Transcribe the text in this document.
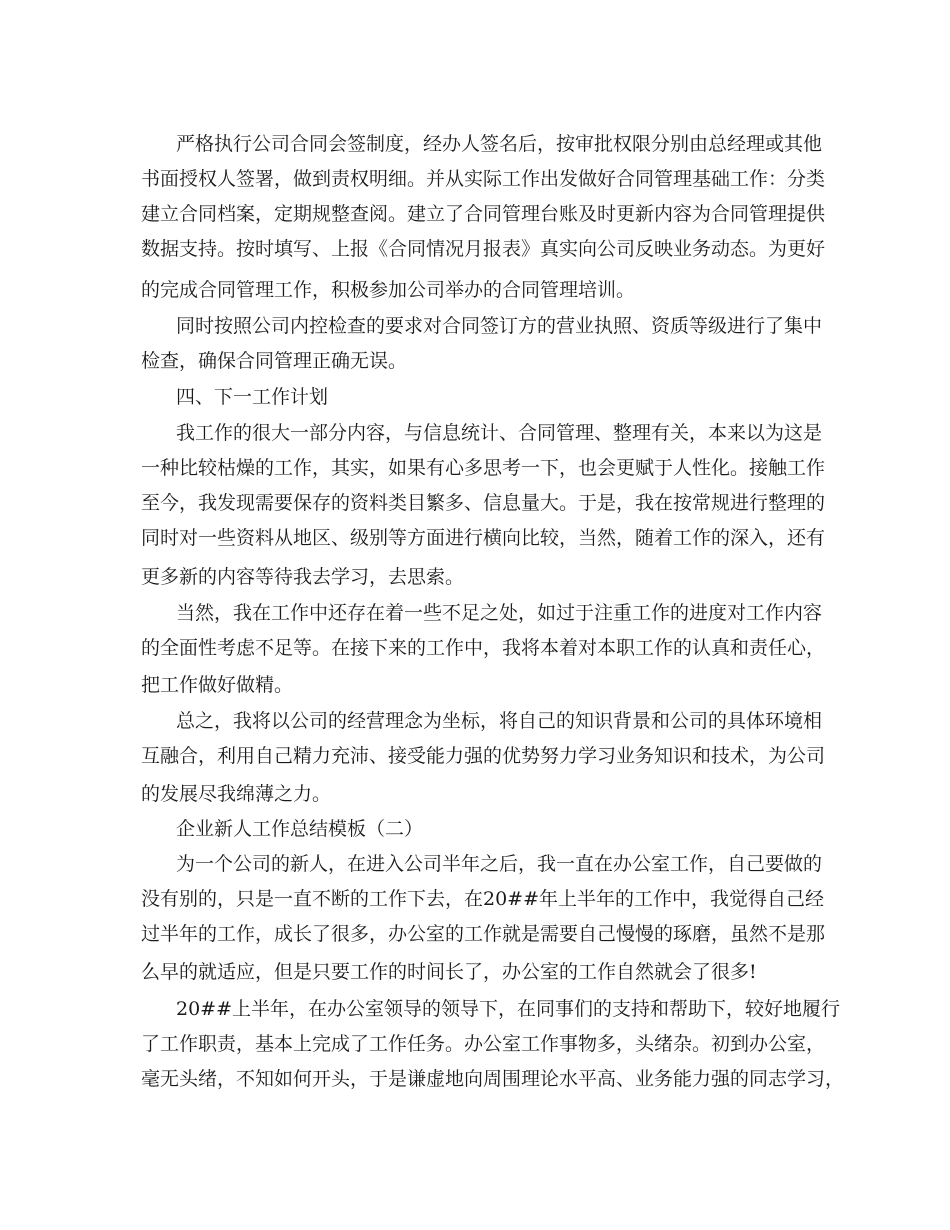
严格执行公司合同会签制度，经办人签名后，按审批权限分别由总经理或其他
书面授权人签署，做到责权明细。并从实际工作出发做好合同管理基础工作：分类
建立合同档案，定期规整查阅。建立了合同管理台账及时更新内容为合同管理提供
数据支持。按时填写、上报《合同情况月报表》真实向公司反映业务动态。为更好
的完成合同管理工作，积极参加公司举办的合同管理培训。
同时按照公司内控检查的要求对合同签订方的营业执照、资质等级进行了集中
检查，确保合同管理正确无误。
四、下一工作计划
我工作的很大一部分内容，与信息统计、合同管理、整理有关，本来以为这是
一种比较枯燥的工作，其实，如果有心多思考一下，也会更赋于人性化。接触工作
至今，我发现需要保存的资料类目繁多、信息量大。于是，我在按常规进行整理的
同时对一些资料从地区、级别等方面进行横向比较，当然，随着工作的深入，还有
更多新的内容等待我去学习，去思索。
当然，我在工作中还存在着一些不足之处，如过于注重工作的进度对工作内容
的全面性考虑不足等。在接下来的工作中，我将本着对本职工作的认真和责任心，
把工作做好做精。
总之，我将以公司的经营理念为坐标，将自己的知识背景和公司的具体环境相
互融合，利用自己精力充沛、接受能力强的优势努力学习业务知识和技术，为公司
的发展尽我绵薄之力。
企业新人工作总结模板（二）
为一个公司的新人，在进入公司半年之后，我一直在办公室工作，自己要做的
没有别的，只是一直不断的工作下去，在20##年上半年的工作中，我觉得自己经
过半年的工作，成长了很多，办公室的工作就是需要自己慢慢的琢磨，虽然不是那
么早的就适应，但是只要工作的时间长了，办公室的工作自然就会了很多!
20##上半年，在办公室领导的领导下，在同事们的支持和帮助下，较好地履行
了工作职责，基本上完成了工作任务。办公室工作事物多，头绪杂。初到办公室，
毫无头绪，不知如何开头，于是谦虚地向周围理论水平高、业务能力强的同志学习，
